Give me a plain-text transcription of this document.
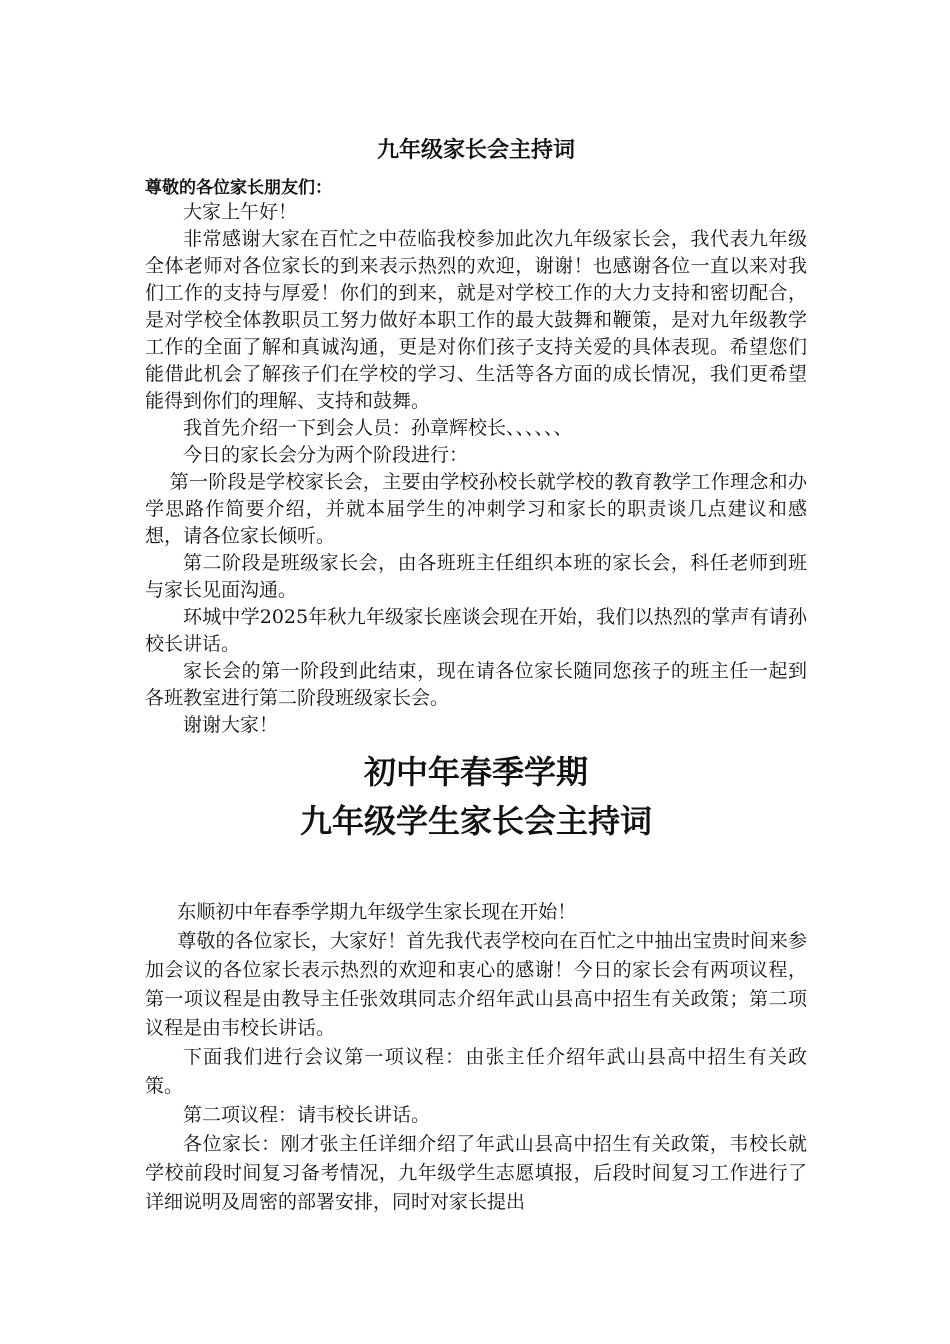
九年级家长会主持词
尊敬的各位家长朋友们：

大家上午好！

非常感谢大家在百忙之中莅临我校参加此次九年级家长会，我代表九年级全体老师对各位家长的到来表示热烈的欢迎，谢谢！也感谢各位一直以来对我们工作的支持与厚爱！你们的到来，就是对学校工作的大力支持和密切配合，是对学校全体教职员工努力做好本职工作的最大鼓舞和鞭策，是对九年级教学工作的全面了解和真诚沟通，更是对你们孩子支持关爱的具体表现。希望您们能借此机会了解孩子们在学校的学习、生活等各方面的成长情况，我们更希望能得到你们的理解、支持和鼓舞。

我首先介绍一下到会人员：孙章辉校长、、、、、、

今日的家长会分为两个阶段进行：

第一阶段是学校家长会，主要由学校孙校长就学校的教育教学工作理念和办学思路作简要介绍，并就本届学生的冲刺学习和家长的职责谈几点建议和感想，请各位家长倾听。

第二阶段是班级家长会，由各班班主任组织本班的家长会，科任老师到班与家长见面沟通。

环城中学2025年秋九年级家长座谈会现在开始，我们以热烈的掌声有请孙校长讲话。

家长会的第一阶段到此结束，现在请各位家长随同您孩子的班主任一起到各班教室进行第二阶段班级家长会。

谢谢大家！

初中年春季学期
九年级学生家长会主持词

东顺初中年春季学期九年级学生家长现在开始！

尊敬的各位家长，大家好！首先我代表学校向在百忙之中抽出宝贵时间来参加会议的各位家长表示热烈的欢迎和衷心的感谢！今日的家长会有两项议程，第一项议程是由教导主任张效琪同志介绍年武山县高中招生有关政策；第二项议程是由韦校长讲话。

下面我们进行会议第一项议程：由张主任介绍年武山县高中招生有关政策。

第二项议程：请韦校长讲话。

各位家长：刚才张主任详细介绍了年武山县高中招生有关政策，韦校长就学校前段时间复习备考情况，九年级学生志愿填报，后段时间复习工作进行了详细说明及周密的部署安排，同时对家长提出
